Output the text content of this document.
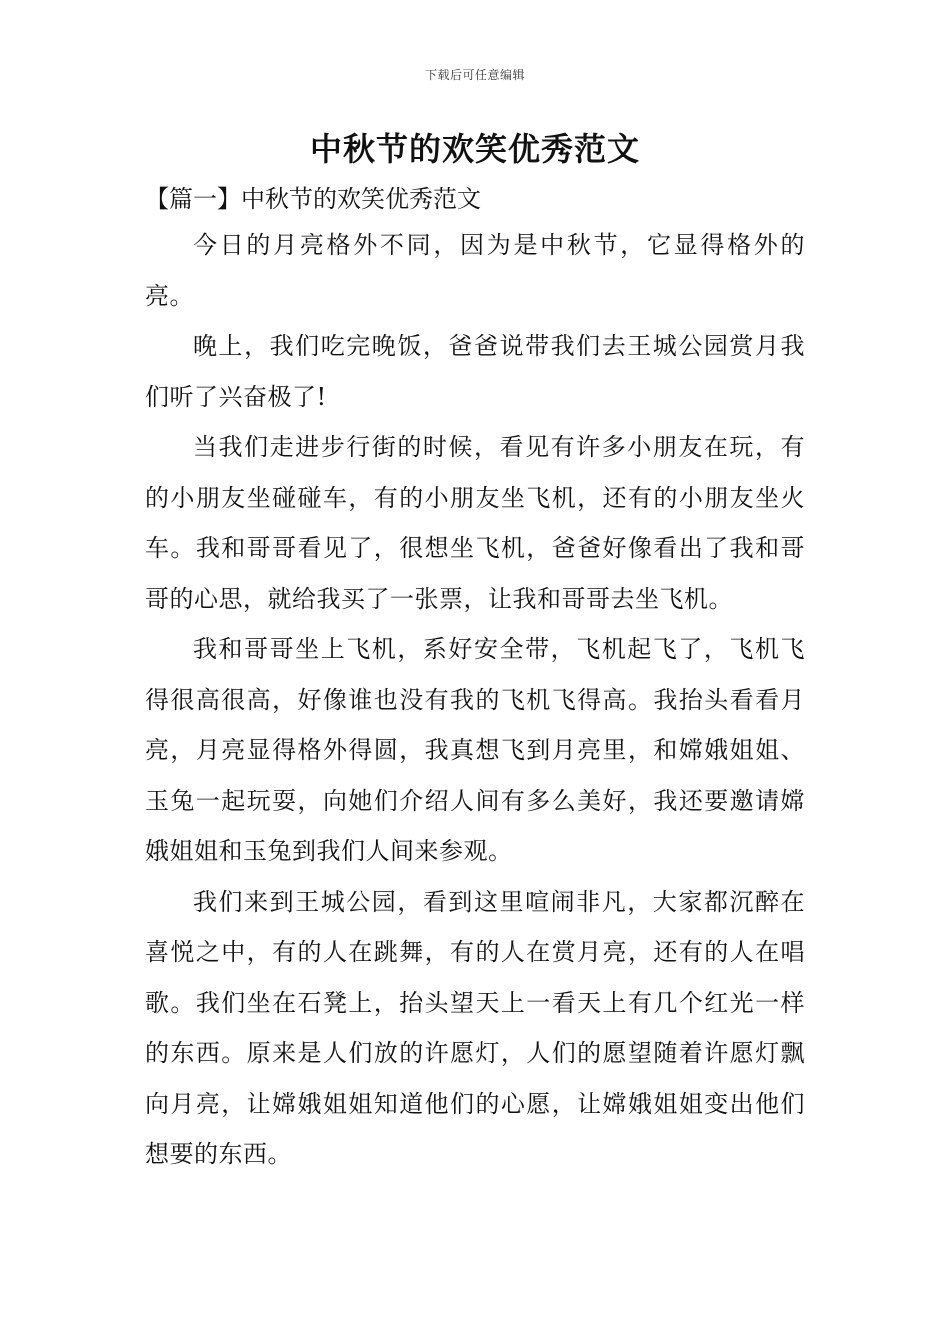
下载后可任意编辑
中秋节的欢笑优秀范文

【篇一】中秋节的欢笑优秀范文

今日的月亮格外不同，因为是中秋节，它显得格外的亮。

晚上，我们吃完晚饭，爸爸说带我们去王城公园赏月我们听了兴奋极了!

当我们走进步行街的时候，看见有许多小朋友在玩，有的小朋友坐碰碰车，有的小朋友坐飞机，还有的小朋友坐火车。我和哥哥看见了，很想坐飞机，爸爸好像看出了我和哥哥的心思，就给我买了一张票，让我和哥哥去坐飞机。

我和哥哥坐上飞机，系好安全带，飞机起飞了，飞机飞得很高很高，好像谁也没有我的飞机飞得高。我抬头看看月亮，月亮显得格外得圆，我真想飞到月亮里，和嫦娥姐姐、玉兔一起玩耍，向她们介绍人间有多么美好，我还要邀请嫦娥姐姐和玉兔到我们人间来参观。

我们来到王城公园，看到这里喧闹非凡，大家都沉醉在喜悦之中，有的人在跳舞，有的人在赏月亮，还有的人在唱歌。我们坐在石凳上，抬头望天上一看天上有几个红光一样的东西。原来是人们放的许愿灯，人们的愿望随着许愿灯飘向月亮，让嫦娥姐姐知道他们的心愿，让嫦娥姐姐变出他们想要的东西。
